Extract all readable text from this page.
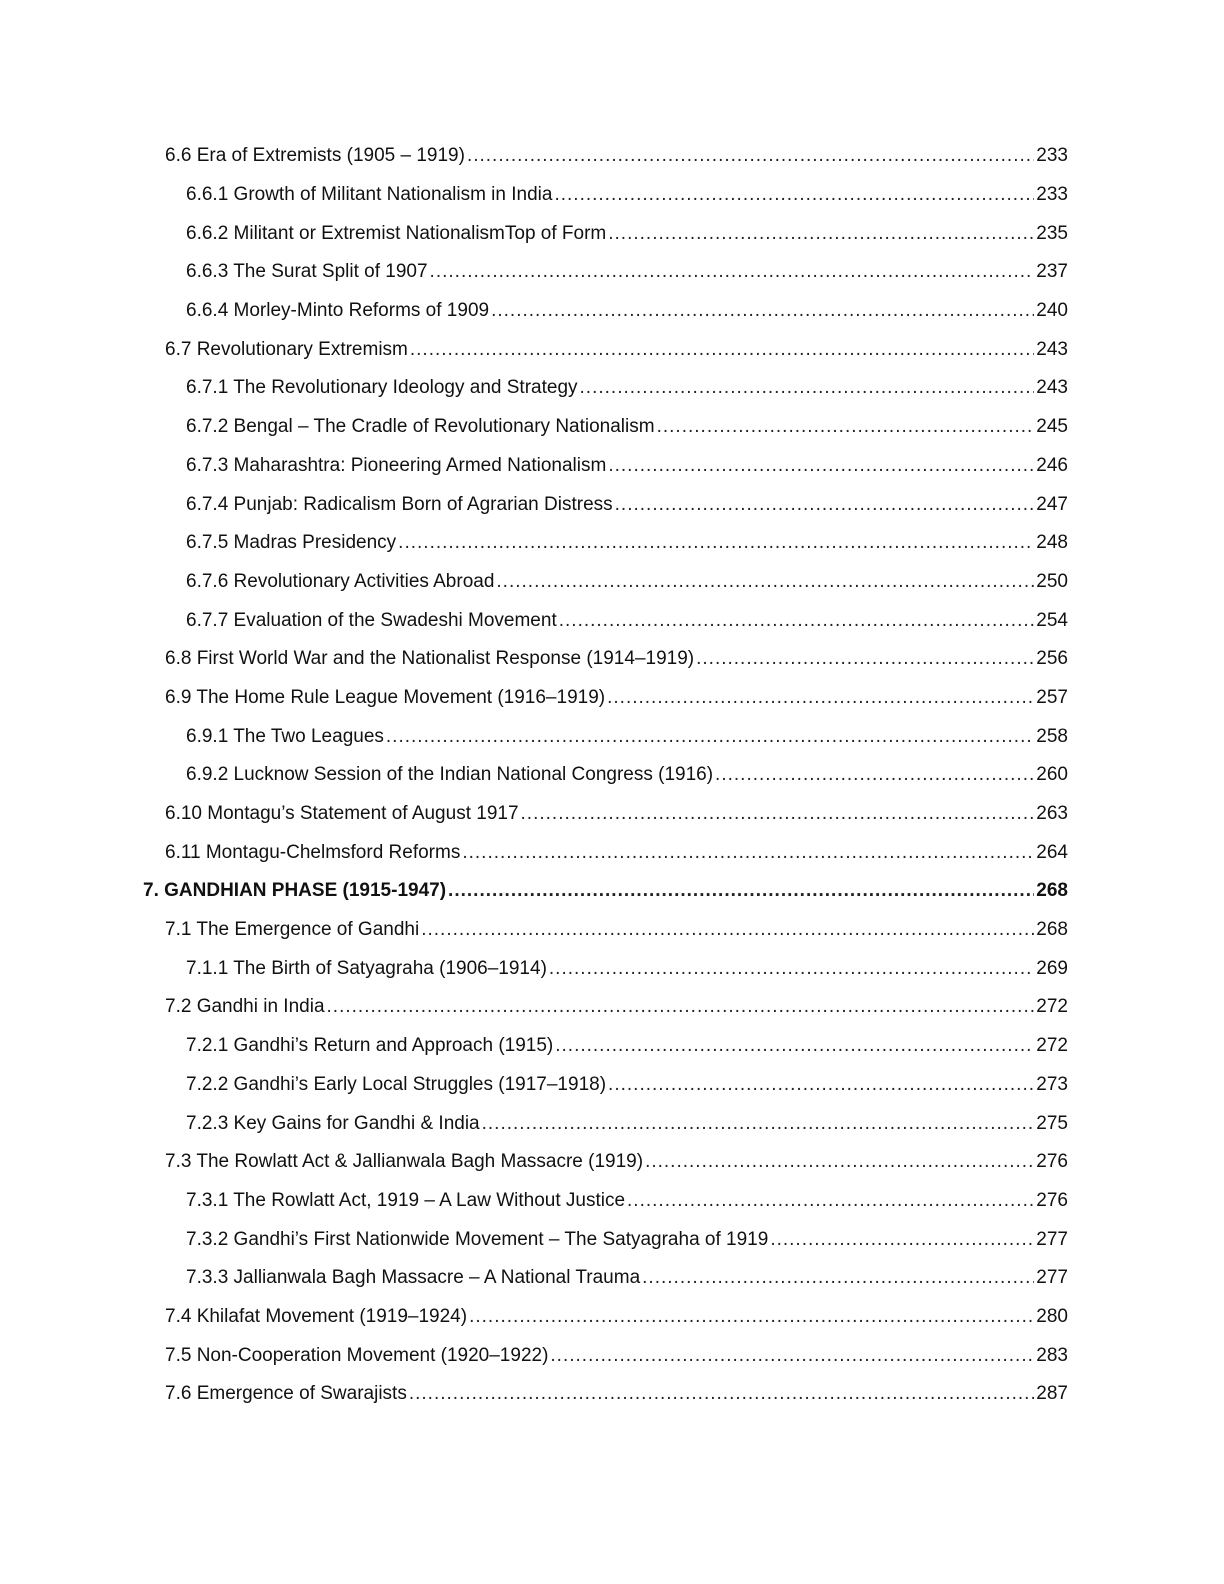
6.6 Era of Extremists (1905 – 1919) .....	233
6.6.1 Growth of Militant Nationalism in India .....	233
6.6.2 Militant or Extremist NationalismTop of Form .....	235
6.6.3 The Surat Split of 1907 .....	237
6.6.4 Morley-Minto Reforms of 1909 .....	240
6.7 Revolutionary Extremism .....	243
6.7.1 The Revolutionary Ideology and Strategy .....	243
6.7.2 Bengal – The Cradle of Revolutionary Nationalism .....	245
6.7.3 Maharashtra: Pioneering Armed Nationalism .....	246
6.7.4 Punjab: Radicalism Born of Agrarian Distress .....	247
6.7.5 Madras Presidency .....	248
6.7.6 Revolutionary Activities Abroad .....	250
6.7.7 Evaluation of the Swadeshi Movement .....	254
6.8 First World War and the Nationalist Response (1914–1919) .....	256
6.9 The Home Rule League Movement (1916–1919) .....	257
6.9.1 The Two Leagues .....	258
6.9.2 Lucknow Session of the Indian National Congress (1916) .....	260
6.10 Montagu’s Statement of August 1917 .....	263
6.11 Montagu-Chelmsford Reforms .....	264
7. GANDHIAN PHASE (1915-1947) .....	268
7.1 The Emergence of Gandhi .....	268
7.1.1 The Birth of Satyagraha (1906–1914) .....	269
7.2 Gandhi in India .....	272
7.2.1 Gandhi’s Return and Approach (1915) .....	272
7.2.2 Gandhi’s Early Local Struggles (1917–1918) .....	273
7.2.3 Key Gains for Gandhi & India .....	275
7.3 The Rowlatt Act & Jallianwala Bagh Massacre (1919) .....	276
7.3.1 The Rowlatt Act, 1919 – A Law Without Justice .....	276
7.3.2 Gandhi’s First Nationwide Movement – The Satyagraha of 1919 .....	277
7.3.3 Jallianwala Bagh Massacre – A National Trauma .....	277
7.4 Khilafat Movement (1919–1924) .....	280
7.5 Non-Cooperation Movement (1920–1922) .....	283
7.6 Emergence of Swarajists .....	287
